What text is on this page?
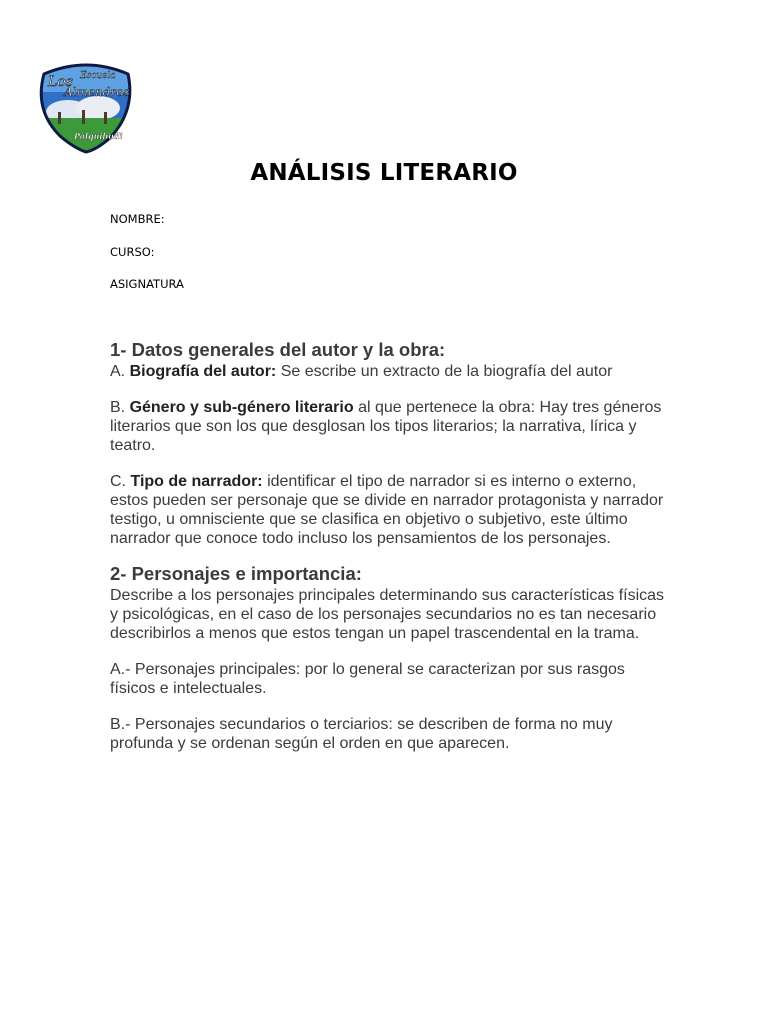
Los Escuela
Almendros
Palquibudi
ANÁLISIS LITERARIO
NOMBRE:
CURSO:
ASIGNATURA
1- Datos generales del autor y la obra:

A. Biografía del autor: Se escribe un extracto de la biografía del autor

B. Género y sub-género literario al que pertenece la obra: Hay tres géneros literarios que son los que desglosan los tipos literarios; la narrativa, lírica y teatro.

C. Tipo de narrador: identificar el tipo de narrador si es interno o externo, estos pueden ser personaje que se divide en narrador protagonista y narrador testigo, u omnisciente que se clasifica en objetivo o subjetivo, este último narrador que conoce todo incluso los pensamientos de los personajes.

2- Personajes e importancia:

Describe a los personajes principales determinando sus características físicas y psicológicas, en el caso de los personajes secundarios no es tan necesario describirlos a menos que estos tengan un papel trascendental en la trama.

A.- Personajes principales: por lo general se caracterizan por sus rasgos físicos e intelectuales.

B.- Personajes secundarios o terciarios: se describen de forma no muy profunda y se ordenan según el orden en que aparecen.
